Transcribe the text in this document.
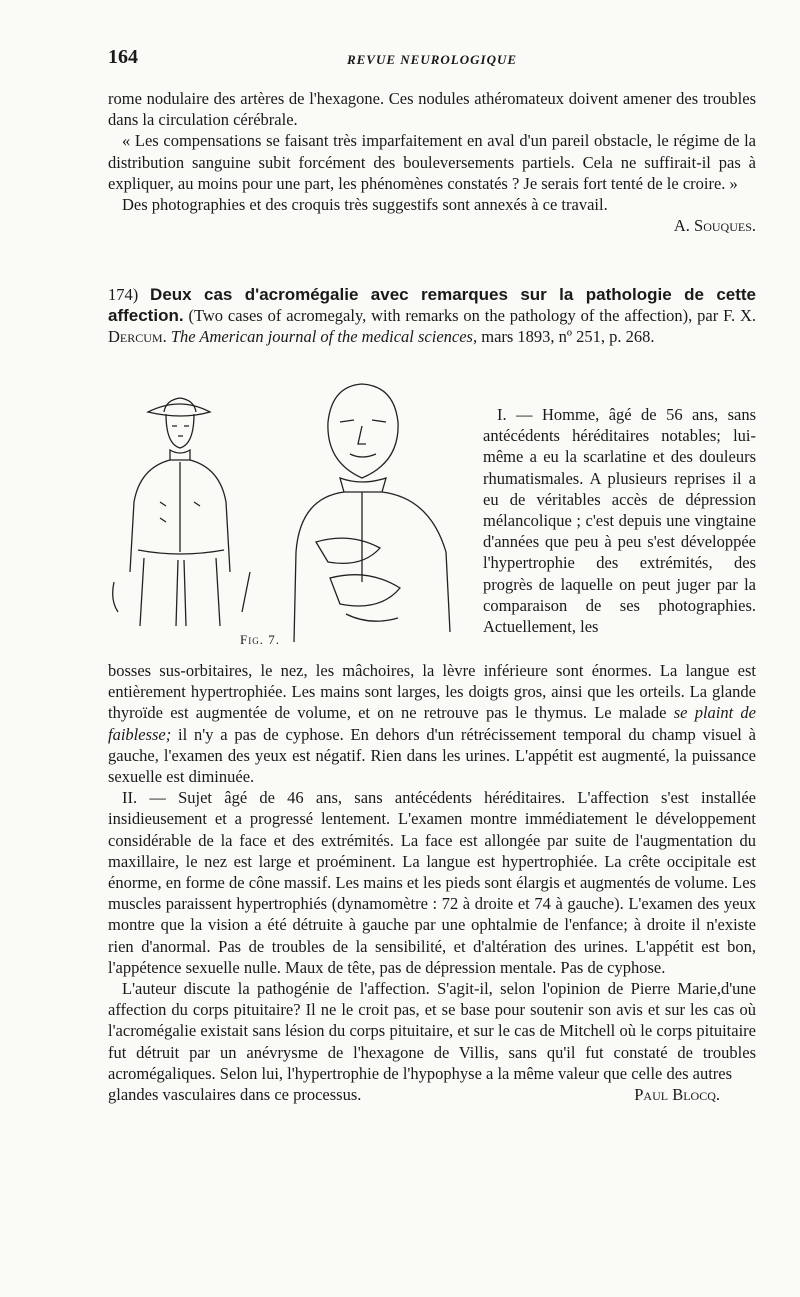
164	REVUE NEUROLOGIQUE

rome nodulaire des artères de l'hexagone. Ces nodules athéromateux doivent amener des troubles dans la circulation cérébrale.

« Les compensations se faisant très imparfaitement en aval d'un pareil obstacle, le régime de la distribution sanguine subit forcément des bouleversements partiels. Cela ne suffirait-il pas à expliquer, au moins pour une part, les phénomènes constatés ? Je serais fort tenté de le croire. »

Des photographies et des croquis très suggestifs sont annexés à ce travail.

A. Souques.

174) Deux cas d'acromégalie avec remarques sur la pathologie de cette affection. (Two cases of acromegaly, with remarks on the pathology of the affection), par F. X. Dercum. The American journal of the medical sciences, mars 1893, nº 251, p. 268.

Fig. 7.

I. — Homme, âgé de 56 ans, sans antécédents héréditaires notables; lui-même a eu la scarlatine et des douleurs rhumatismales. A plusieurs reprises il a eu de véritables accès de dépression mélancolique ; c'est depuis une vingtaine d'années que peu à peu s'est développée l'hypertrophie des extrémités, des progrès de laquelle on peut juger par la comparaison de ses photographies. Actuellement, les

bosses sus-orbitaires, le nez, les mâchoires, la lèvre inférieure sont énormes. La langue est entièrement hypertrophiée. Les mains sont larges, les doigts gros, ainsi que les orteils. La glande thyroïde est augmentée de volume, et on ne retrouve pas le thymus. Le malade se plaint de faiblesse; il n'y a pas de cyphose. En dehors d'un rétrécissement temporal du champ visuel à gauche, l'examen des yeux est négatif. Rien dans les urines. L'appétit est augmenté, la puissance sexuelle est diminuée.

II. — Sujet âgé de 46 ans, sans antécédents héréditaires. L'affection s'est installée insidieusement et a progressé lentement. L'examen montre immédiatement le développement considérable de la face et des extrémités. La face est allongée par suite de l'augmentation du maxillaire, le nez est large et proéminent. La langue est hypertrophiée. La crête occipitale est énorme, en forme de cône massif. Les mains et les pieds sont élargis et augmentés de volume. Les muscles paraissent hypertrophiés (dynamomètre : 72 à droite et 74 à gauche). L'examen des yeux montre que la vision a été détruite à gauche par une ophtalmie de l'enfance; à droite il n'existe rien d'anormal. Pas de troubles de la sensibilité, et d'altération des urines. L'appétit est bon, l'appétence sexuelle nulle. Maux de tête, pas de dépression mentale. Pas de cyphose.

L'auteur discute la pathogénie de l'affection. S'agit-il, selon l'opinion de Pierre Marie,d'une affection du corps pituitaire? Il ne le croit pas, et se base pour soutenir son avis et sur les cas où l'acromégalie existait sans lésion du corps pituitaire, et sur le cas de Mitchell où le corps pituitaire fut détruit par un anévrysme de l'hexagone de Villis, sans qu'il fut constaté de troubles acromégaliques. Selon lui, l'hypertrophie de l'hypophyse a la même valeur que celle des autres

glandes vasculaires dans ce processus.	Paul Blocq.
